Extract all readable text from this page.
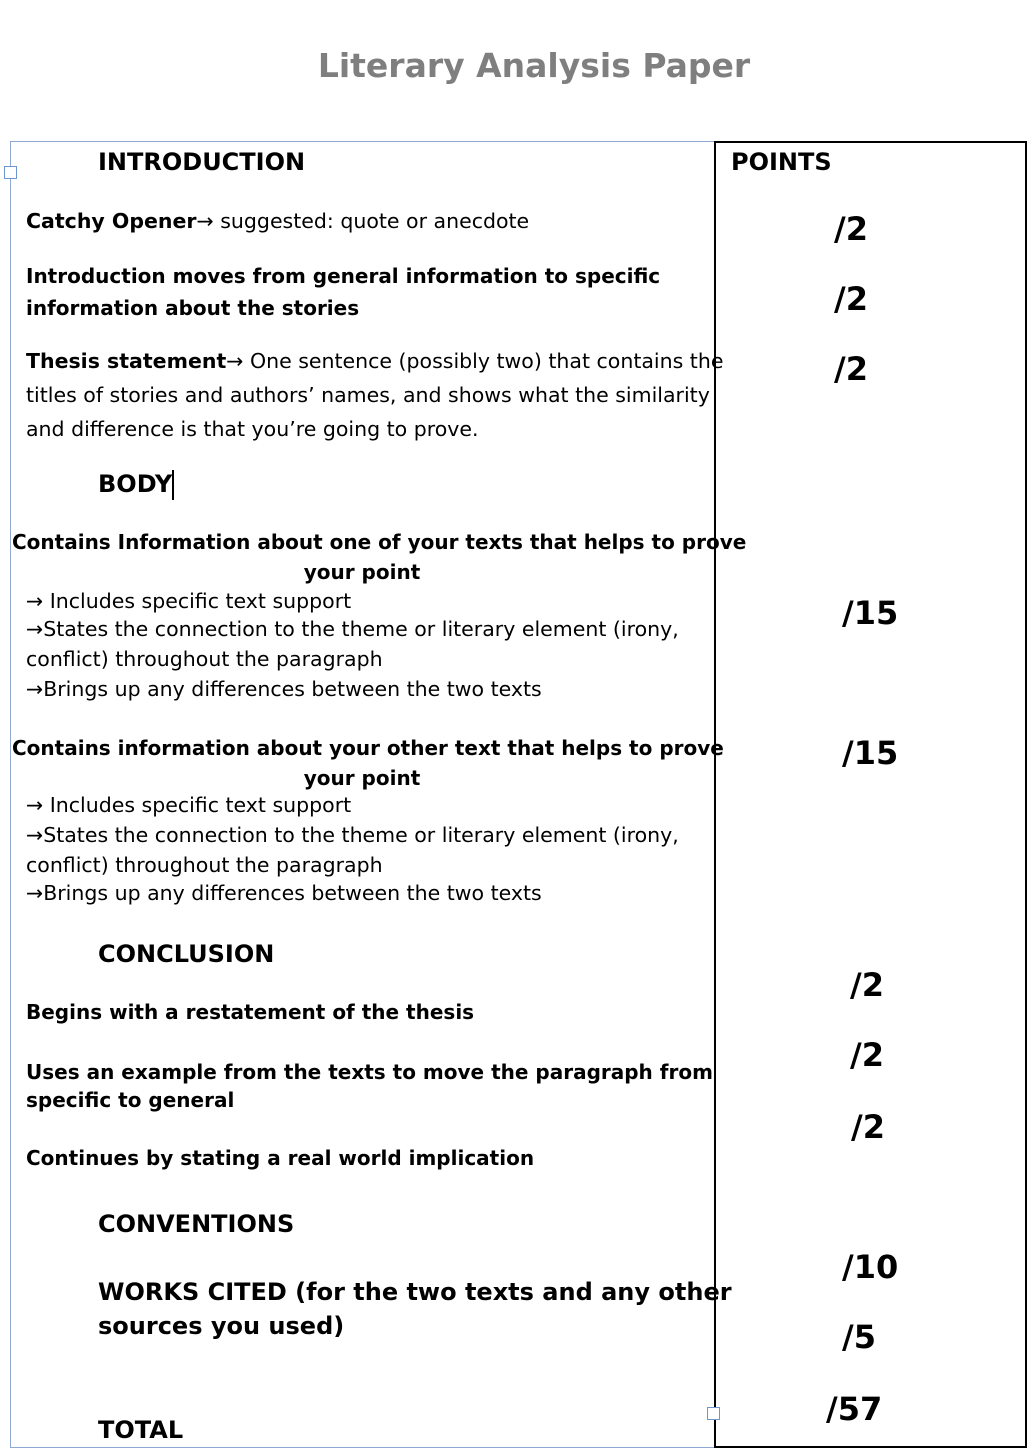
Literary Analysis Paper
INTRODUCTION	POINTS
Catchy Opener→ suggested: quote or anecdote
Introduction moves from general information to specific
information about the stories
Thesis statement→ One sentence (possibly two) that contains the
titles of stories and authors’ names, and shows what the similarity
and difference is that you’re going to prove.
/2
/2
/2
BODY
Contains Information about one of your texts that helps to prove
your point
→ Includes specific text support
→States the connection to the theme or literary element (irony,
conflict) throughout the paragraph
→Brings up any differences between the two texts
/15
Contains information about your other text that helps to prove
your point
→ Includes specific text support
→States the connection to the theme or literary element (irony,
conflict) throughout the paragraph
→Brings up any differences between the two texts
/15
CONCLUSION
Begins with a restatement of the thesis
Uses an example from the texts to move the paragraph from
specific to general
Continues by stating a real world implication
/2
/2
/2
CONVENTIONS
WORKS CITED (for the two texts and any other
sources you used)
TOTAL
/10
/5
/57
